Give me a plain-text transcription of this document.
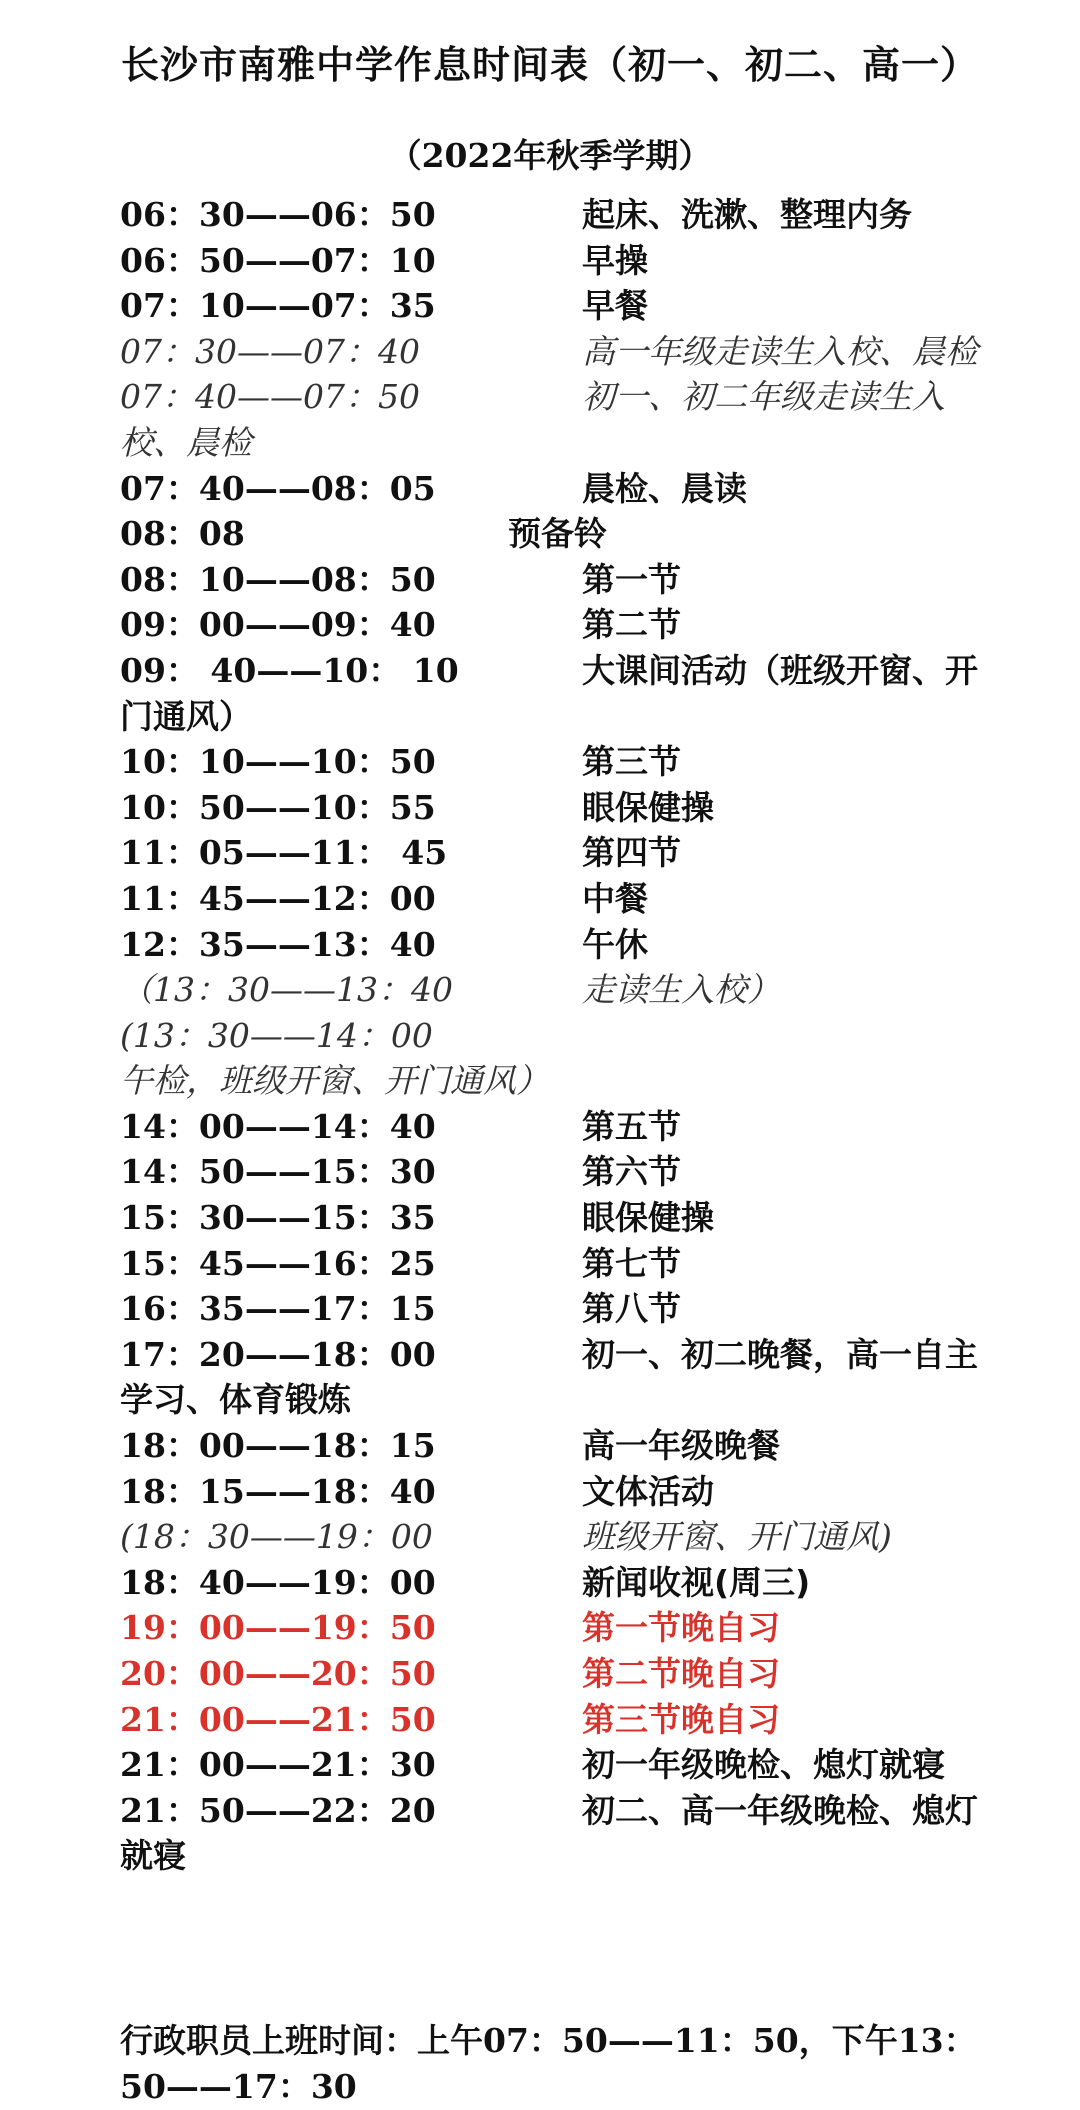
长沙市南雅中学作息时间表（初一、初二、高一）
（2022年秋季学期）
06：30——06：50	起床、洗漱、整理内务
06：50——07：10	早操
07：10——07：35	早餐
07：30——07：40	高一年级走读生入校、晨检
07：40——07：50	初一、初二年级走读生入校、晨检
07：40——08：05	晨检、晨读
08：08	预备铃
08：10——08：50	第一节
09：00——09：40	第二节
09： 40——10： 10	大课间活动（班级开窗、开门通风）
10：10——10：50	第三节
10：50——10：55	眼保健操
11：05——11： 45	第四节
11：45——12：00	中餐
12：35——13：40	午休
（13：30——13：40	走读生入校）
(13：30——14：00午检，班级开窗、开门通风）
14：00——14：40	第五节
14：50——15：30	第六节
15：30——15：35	眼保健操
15：45——16：25	第七节
16：35——17：15	第八节
17：20——18：00	初一、初二晚餐，高一自主学习、体育锻炼
18：00——18：15	高一年级晚餐
18：15——18：40	文体活动
(18：30——19：00	班级开窗、开门通风)
18：40——19：00	新闻收视(周三)
19：00——19：50	第一节晚自习
20：00——20：50	第二节晚自习
21：00——21：50	第三节晚自习
21：00——21：30	初一年级晚检、熄灯就寝
21：50——22：20	初二、高一年级晚检、熄灯就寝
行政职员上班时间：上午07：50——11：50，下午13：50——17：30
